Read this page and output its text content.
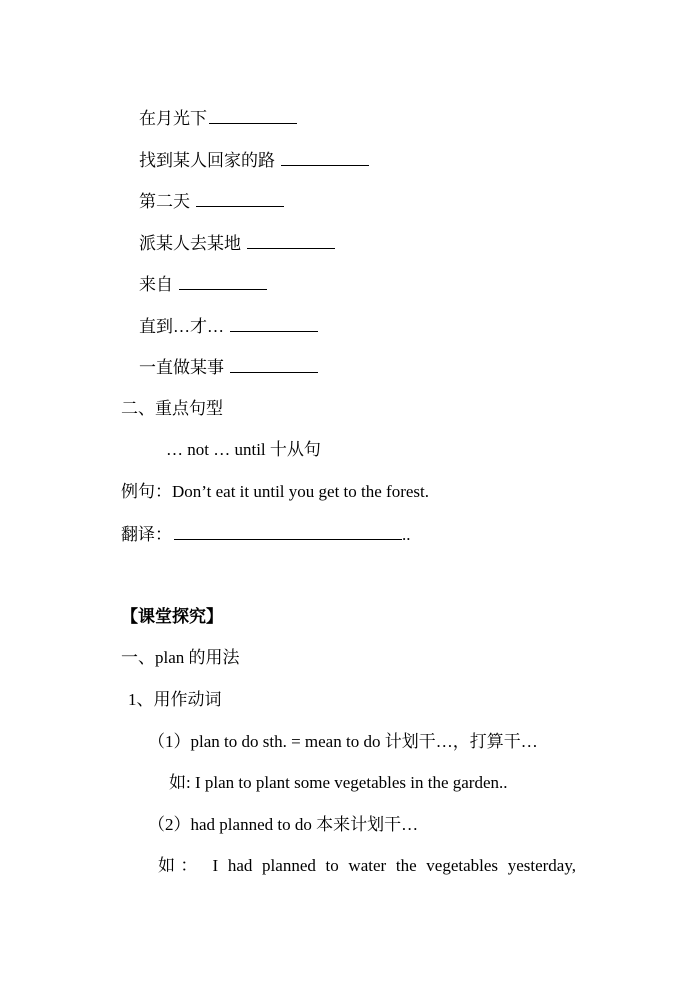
在月光下
找到某人回家的路
第二天
派某人去某地
来自
直到…才…
一直做某事
二、重点句型
… not … until 十从句
例句：Don’t eat it until you get to the forest.
翻译：	..
【课堂探究】
一、plan 的用法
1、用作动词
（1）plan to do sth. = mean to do 计划干…，打算干…
如: I plan to plant some vegetables in the garden..
（2）had planned to do 本来计划干…
如： I had planned to water the vegetables yesterday,
